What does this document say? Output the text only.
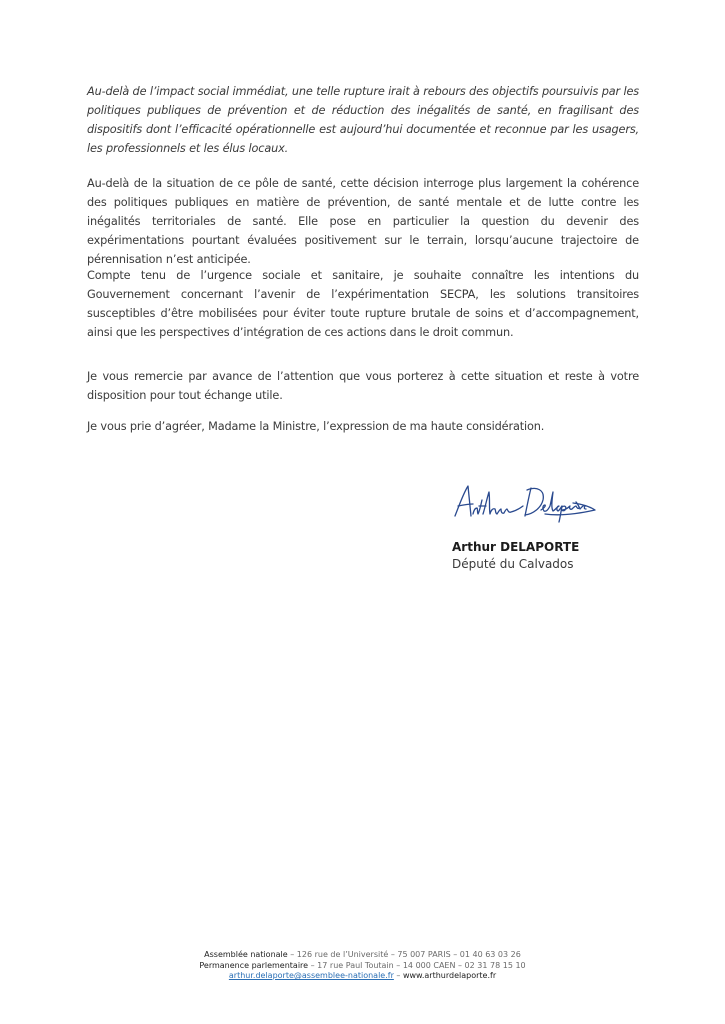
Au-delà de l’impact social immédiat, une telle rupture irait à rebours des objectifs poursuivis par les politiques publiques de prévention et de réduction des inégalités de santé, en fragilisant des dispositifs dont l’efficacité opérationnelle est aujourd’hui documentée et reconnue par les usagers, les professionnels et les élus locaux.

Au-delà de la situation de ce pôle de santé, cette décision interroge plus largement la cohérence des politiques publiques en matière de prévention, de santé mentale et de lutte contre les inégalités territoriales de santé. Elle pose en particulier la question du devenir des expérimentations pourtant évaluées positivement sur le terrain, lorsqu’aucune trajectoire de pérennisation n’est anticipée.

Compte tenu de l’urgence sociale et sanitaire, je souhaite connaître les intentions du Gouvernement concernant l’avenir de l’expérimentation SECPA, les solutions transitoires susceptibles d’être mobilisées pour éviter toute rupture brutale de soins et d’accompagnement, ainsi que les perspectives d’intégration de ces actions dans le droit commun.

Je vous remercie par avance de l’attention que vous porterez à cette situation et reste à votre disposition pour tout échange utile.

Je vous prie d’agréer, Madame la Ministre, l’expression de ma haute considération.

Arthur DELAPORTE
Député du Calvados
Assemblée nationale – 126 rue de l’Université – 75 007 PARIS – 01 40 63 03 26
Permanence parlementaire – 17 rue Paul Toutain – 14 000 CAEN – 02 31 78 15 10
arthur.delaporte@assemblee-nationale.fr – www.arthurdelaporte.fr
